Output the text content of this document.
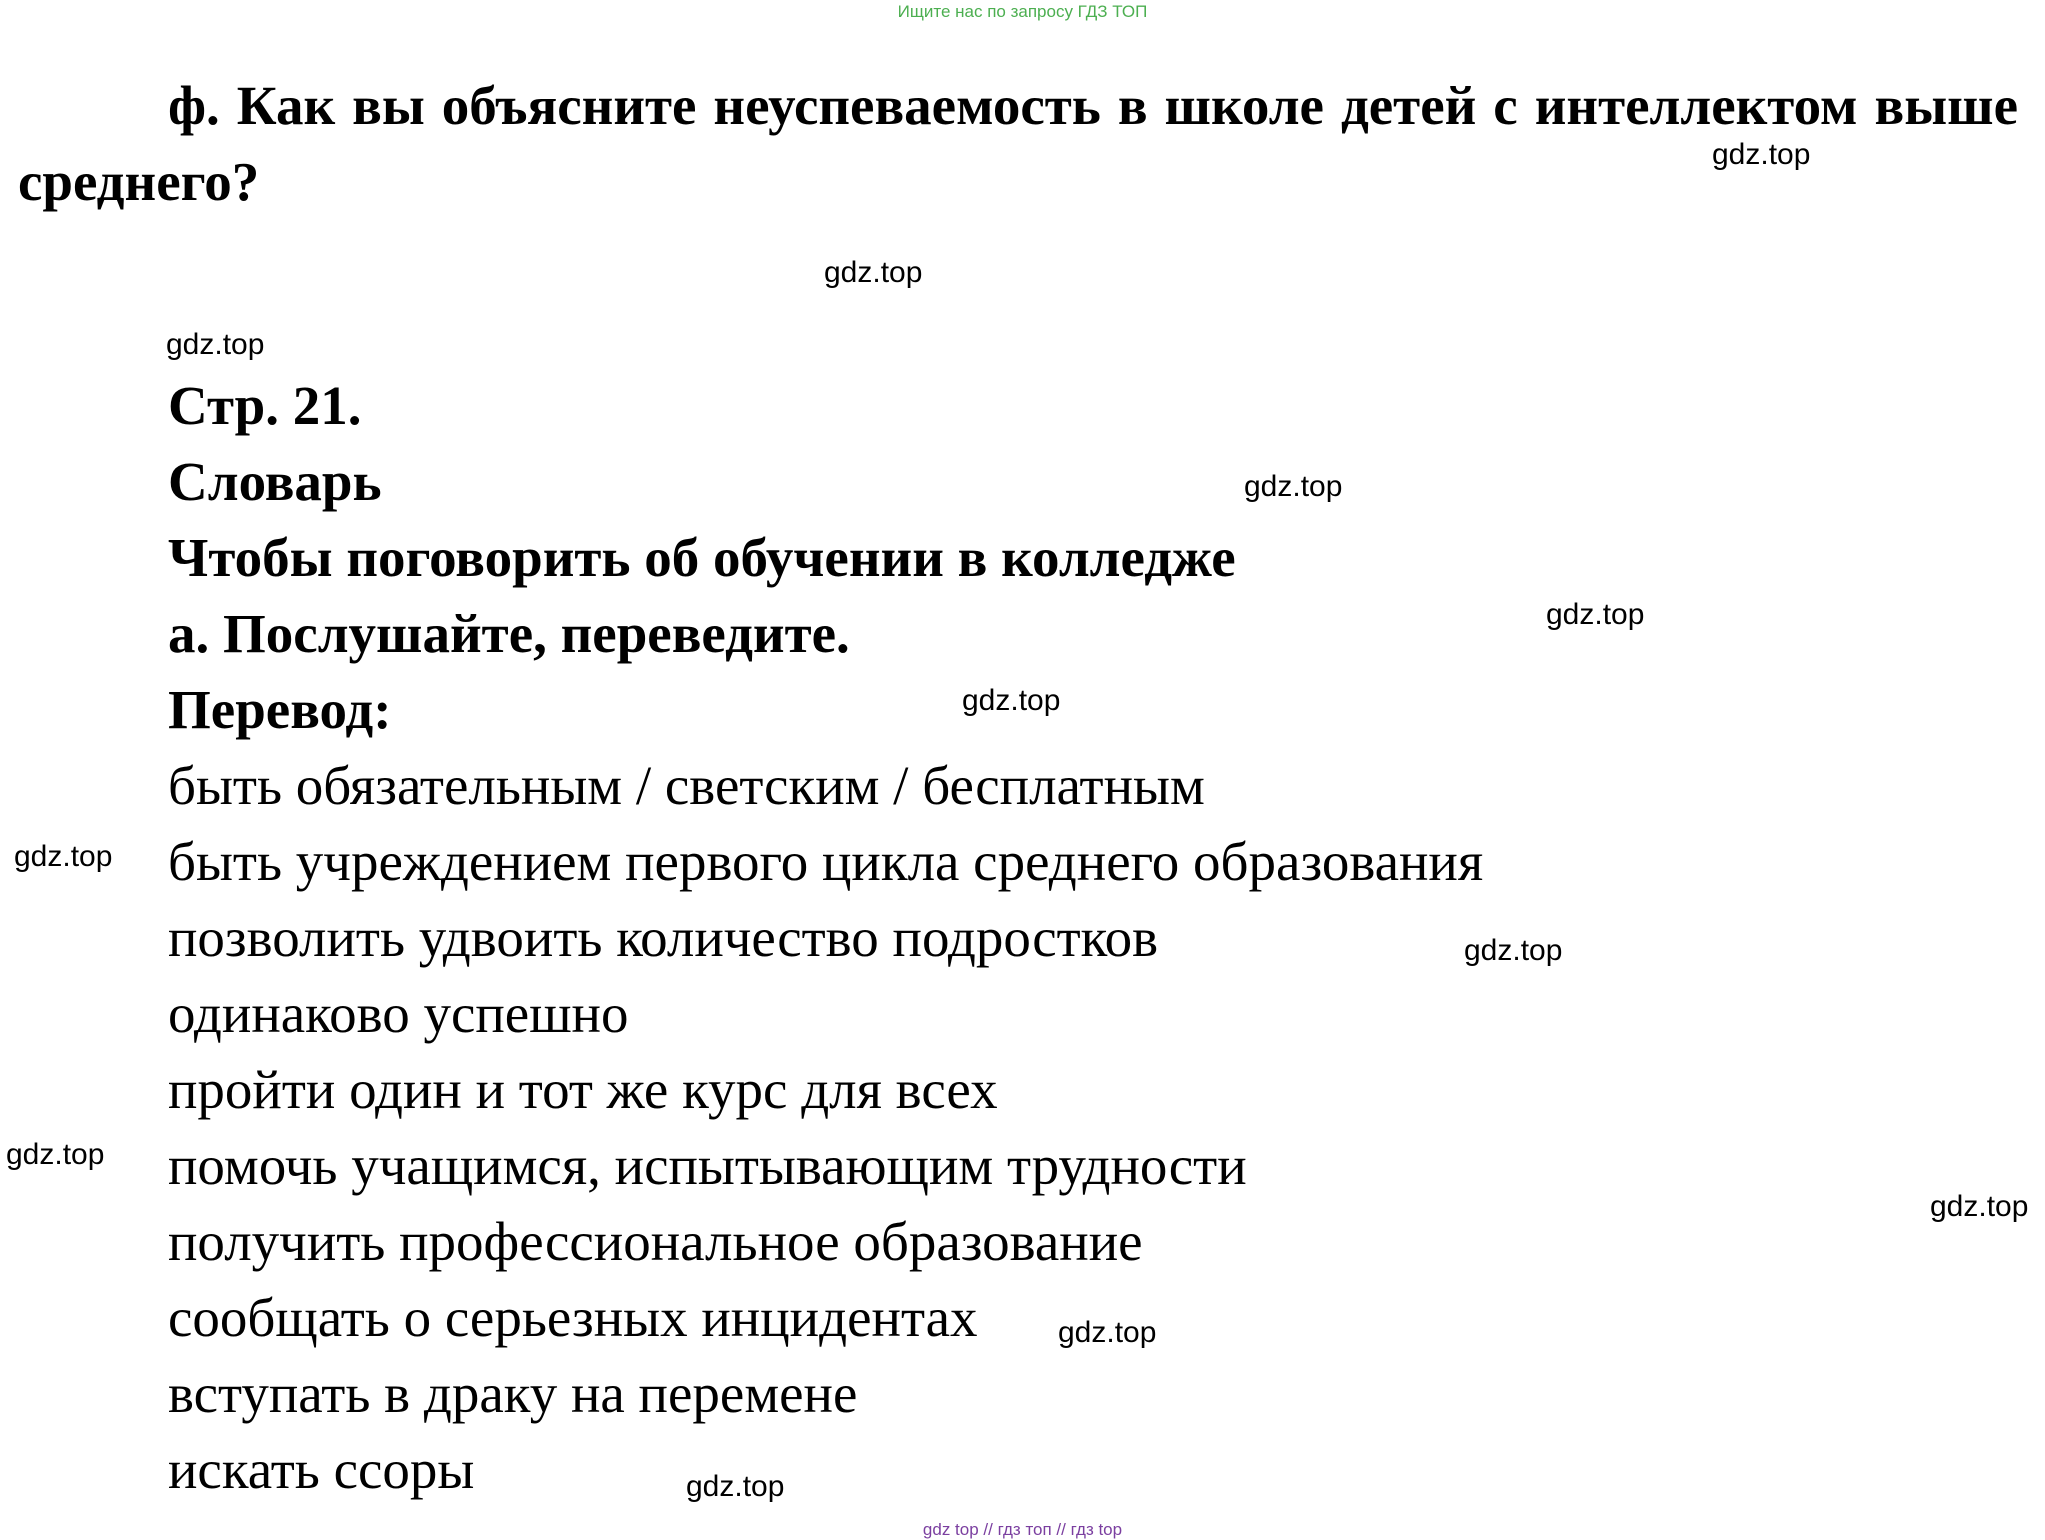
Ищите нас по запросу ГДЗ ТОП

ф. Как вы объясните неуспеваемость в школе детей с интеллектом выше среднего?

Стр. 21.

Словарь

Чтобы поговорить об обучении в колледже

a. Послушайте, переведите.

Перевод:

быть обязательным / светским / бесплатным

быть учреждением первого цикла среднего образования

позволить удвоить количество подростков

одинаково успешно

пройти один и тот же курс для всех

помочь учащимся, испытывающим трудности

получить профессиональное образование

сообщать о серьезных инцидентах

вступать в драку на перемене

искать ссоры

gdz.top
gdz.top
gdz.top
gdz.top
gdz.top
gdz.top
gdz.top
gdz.top
gdz.top
gdz.top
gdz.top
gdz.top
gdz top // гдз топ // гдз top
